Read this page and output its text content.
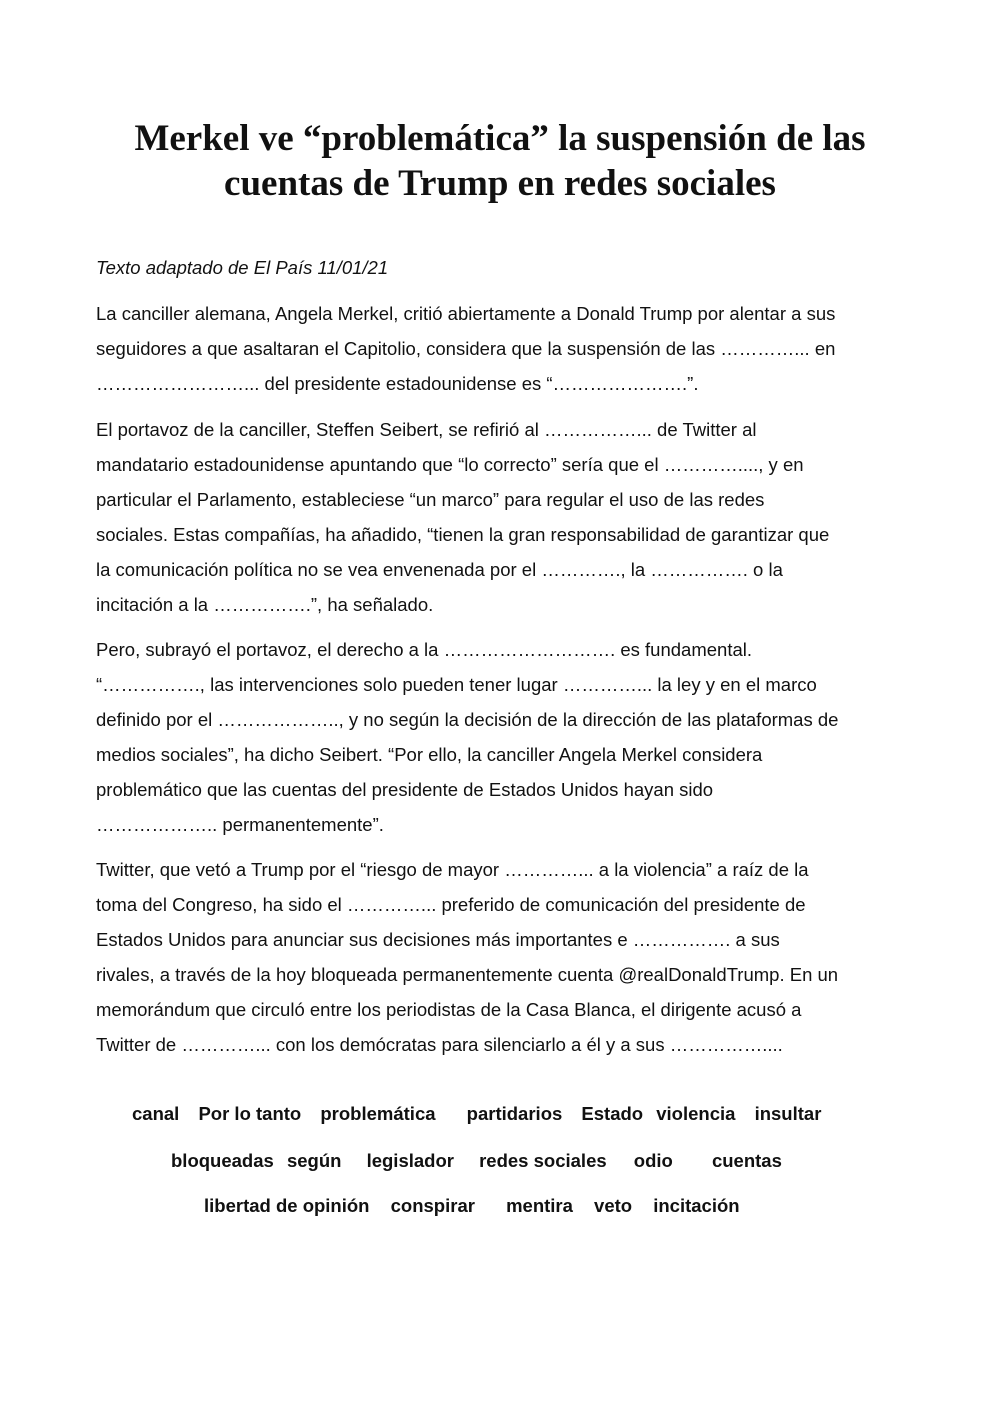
Merkel ve “problemática” la suspensión de las
cuentas de Trump en redes sociales

Texto adaptado de El País 11/01/21

La canciller alemana, Angela Merkel, critió abiertamente a Donald Trump por alentar a sus
seguidores a que asaltaran el Capitolio, considera que la suspensión de las …………... en
……………………... del presidente estadounidense es “………………….”.

El portavoz de la canciller, Steffen Seibert, se refirió al ……………... de Twitter al
mandatario estadounidense apuntando que “lo correcto” sería que el …………...., y en
particular el Parlamento, estableciese “un marco” para regular el uso de las redes
sociales. Estas compañías, ha añadido, “tienen la gran responsabilidad de garantizar que
la comunicación política no se vea envenenada por el …………., la ……………. o la
incitación a la …………….”, ha señalado.

Pero, subrayó el portavoz, el derecho a la ………………………. es fundamental.
“……………., las intervenciones solo pueden tener lugar …………... la ley y en el marco
definido por el ……………….., y no según la decisión de la dirección de las plataformas de
medios sociales”, ha dicho Seibert. “Por ello, la canciller Angela Merkel considera
problemático que las cuentas del presidente de Estados Unidos hayan sido
……………….. permanentemente”.

Twitter, que vetó a Trump por el “riesgo de mayor …………... a la violencia” a raíz de la
toma del Congreso, ha sido el …………... preferido de comunicación del presidente de
Estados Unidos para anunciar sus decisiones más importantes e ……………. a sus
rivales, a través de la hoy bloqueada permanentemente cuenta @realDonaldTrump. En un
memorándum que circuló entre los periodistas de la Casa Blanca, el dirigente acusó a
Twitter de …………... con los demócratas para silenciarlo a él y a sus ……………....

canal Por lo tanto problemática partidarios Estado violencia insultar
bloqueadas según legislador redes sociales odio cuentas
libertad de opinión conspirar mentira veto incitación
